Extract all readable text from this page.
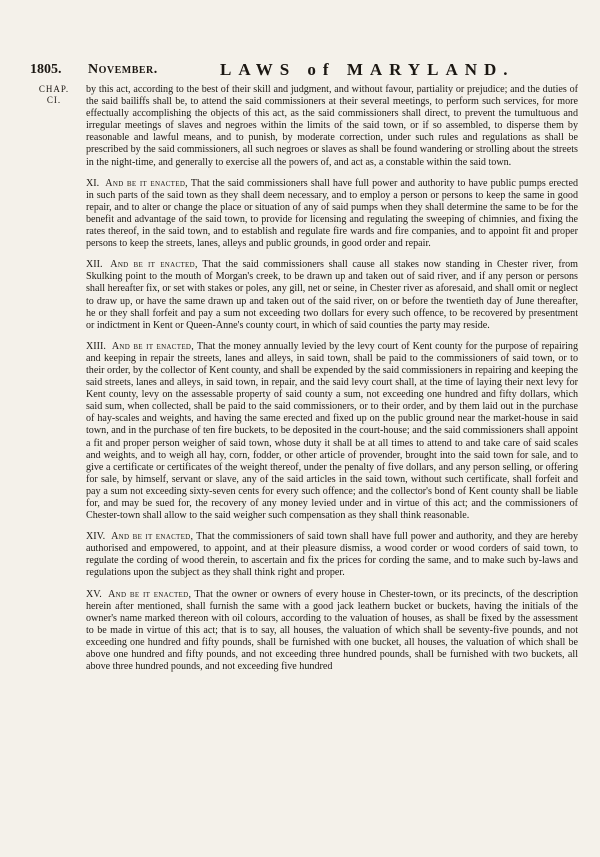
1805. November.	LAWS of MARYLAND.
CHAP.
CI.

by this act, according to the best of their skill and judgment, and without favour, partiality or prejudice; and the duties of the said bailiffs shall be, to attend the said commissioners at their several meetings, to perform such services, for more effectually accomplishing the objects of this act, as the said commissioners shall direct, to prevent the tumultuous and irregular meetings of slaves and negroes within the limits of the said town, or if so assembled, to disperse them by reasonable and lawful means, and to punish, by moderate correction, under such rules and regulations as shall be prescribed by the said commissioners, all such negroes or slaves as shall be found wandering or strolling about the streets in the night-time, and generally to exercise all the powers of, and act as, a constable within the said town.

XI. And be it enacted, That the said commissioners shall have full power and authority to have public pumps erected in such parts of the said town as they shall deem necessary, and to employ a person or persons to keep the same in good repair, and to alter or change the place or situation of any of said pumps when they shall determine the same to be for the benefit and advantage of the said town, to provide for licensing and regulating the sweeping of chimnies, and fixing the rates thereof, in the said town, and to establish and regulate fire wards and fire companies, and to appoint fit and proper persons to keep the streets, lanes, alleys and public grounds, in good order and repair.

XII. And be it enacted, That the said commissioners shall cause all stakes now standing in Chester river, from Skulking point to the mouth of Morgan's creek, to be drawn up and taken out of said river, and if any person or persons shall hereafter fix, or set with stakes or poles, any gill, net or seine, in Chester river as aforesaid, and shall omit or neglect to draw up, or have the same drawn up and taken out of the said river, on or before the twentieth day of June thereafter, he or they shall forfeit and pay a sum not exceeding two dollars for every such offence, to be recovered by presentment or indictment in Kent or Queen-Anne's county court, in which of said counties the party may reside.

XIII. And be it enacted, That the money annually levied by the levy court of Kent county for the purpose of repairing and keeping in repair the streets, lanes and alleys, in said town, shall be paid to the commissioners of said town, or to their order, by the collector of Kent county, and shall be expended by the said commissioners in repairing and keeping the said streets, lanes and alleys, in said town, in repair, and the said levy court shall, at the time of laying their next levy for Kent county, levy on the assessable property of said county a sum, not exceeding one hundred and fifty dollars, which said sum, when collected, shall be paid to the said commissioners, or to their order, and by them laid out in the purchase of hay-scales and weights, and having the same erected and fixed up on the public ground near the market-house in said town, and in the purchase of ten fire buckets, to be deposited in the court-house; and the said commissioners shall appoint a fit and proper person weigher of said town, whose duty it shall be at all times to attend to and take care of said scales and weights, and to weigh all hay, corn, fodder, or other article of provender, brought into the said town for sale, and to give a certificate or certificates of the weight thereof, under the penalty of five dollars, and any person selling, or offering for sale, by himself, servant or slave, any of the said articles in the said town, without such certificate, shall forfeit and pay a sum not exceeding sixty-seven cents for every such offence; and the collector's bond of Kent county shall be liable for, and may be sued for, the recovery of any money levied under and in virtue of this act; and the commissioners of Chester-town shall allow to the said weigher such compensation as they shall think reasonable.

XIV. And be it enacted, That the commissioners of said town shall have full power and authority, and they are hereby authorised and empowered, to appoint, and at their pleasure dismiss, a wood corder or wood corders of said town, to regulate the cording of wood therein, to ascertain and fix the prices for cording the same, and to make such by-laws and regulations upon the subject as they shall think right and proper.

XV. And be it enacted, That the owner or owners of every house in Chester-town, or its precincts, of the description herein after mentioned, shall furnish the same with a good jack leathern bucket or buckets, having the initials of the owner's name marked thereon with oil colours, according to the valuation of houses, as shall be fixed by the assessment to be made in virtue of this act; that is to say, all houses, the valuation of which shall be seventy-five pounds, and not exceeding one hundred and fifty pounds, shall be furnished with one bucket, all houses, the valuation of which shall be above one hundred and fifty pounds, and not exceeding three hundred pounds, shall be furnished with two buckets, all above three hundred pounds, and not exceeding five hundred
